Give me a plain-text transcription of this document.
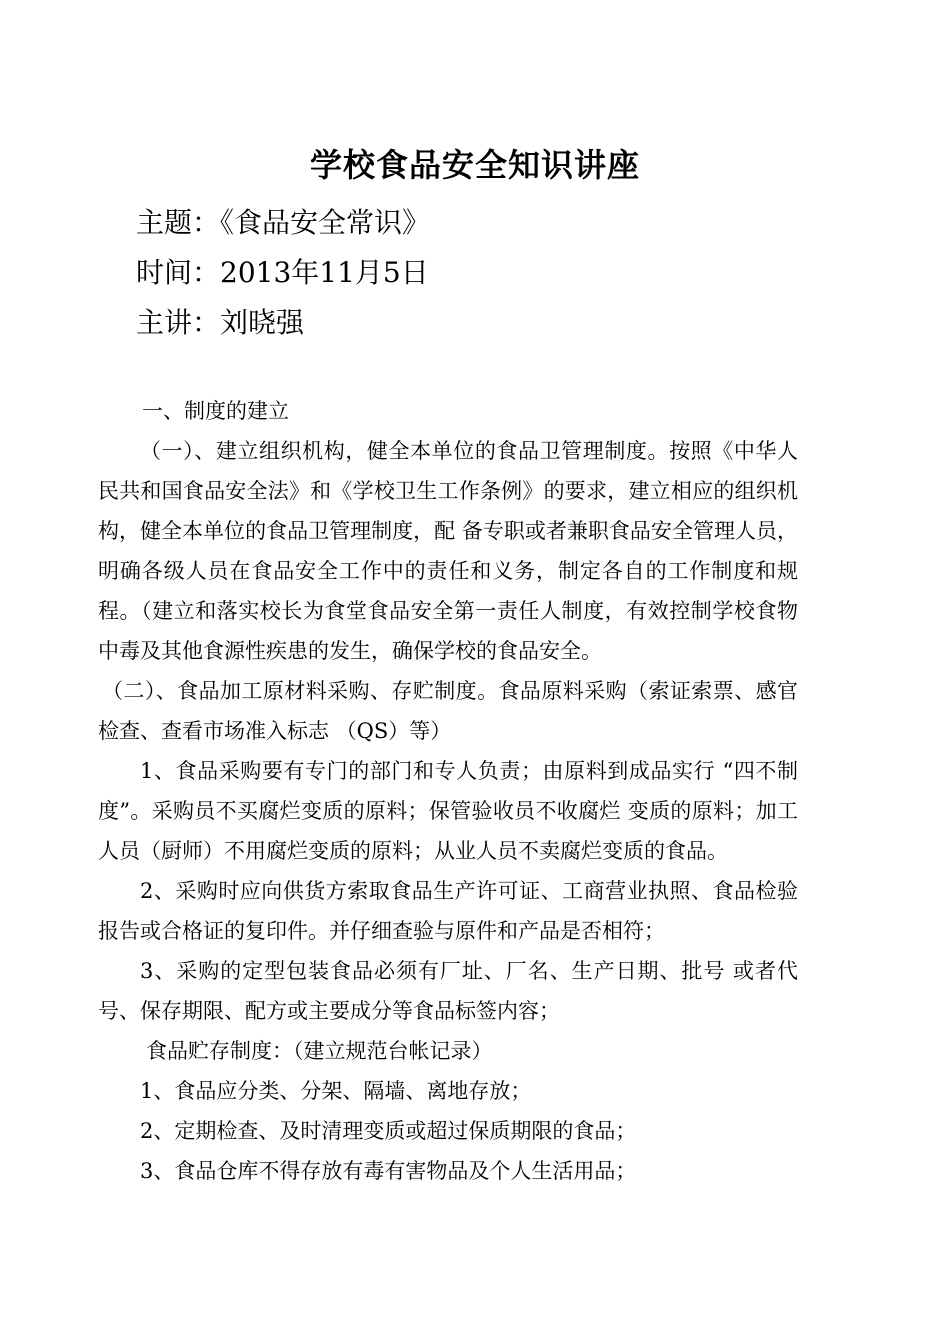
学校食品安全知识讲座
主题：《食品安全常识》
时间：2013年11月5日
主讲：刘晓强

一、制度的建立

（一）、建立组织机构，健全本单位的食品卫管理制度。按照《中华人民共和国食品安全法》和《学校卫生工作条例》的要求，建立相应的组织机构，健全本单位的食品卫管理制度，配 备专职或者兼职食品安全管理人员，明确各级人员在食品安全工作中的责任和义务，制定各自的工作制度和规程。（建立和落实校长为食堂食品安全第一责任人制度，有效控制学校食物中毒及其他食源性疾患的发生，确保学校的食品安全。

（二）、食品加工原材料采购、存贮制度。食品原料采购（索证索票、感官检查、查看市场准入标志 （QS）等）

1、食品采购要有专门的部门和专人负责；由原料到成品实行 “四不制度”。采购员不买腐烂变质的原料；保管验收员不收腐烂 变质的原料；加工人员（厨师）不用腐烂变质的原料；从业人员不卖腐烂变质的食品。

2、采购时应向供货方索取食品生产许可证、工商营业执照、食品检验报告或合格证的复印件。并仔细查验与原件和产品是否相符；

3、采购的定型包装食品必须有厂址、厂名、生产日期、批号 或者代号、保存期限、配方或主要成分等食品标签内容；

食品贮存制度：（建立规范台帐记录）

1、食品应分类、分架、隔墙、离地存放；

2、定期检查、及时清理变质或超过保质期限的食品；

3、食品仓库不得存放有毒有害物品及个人生活用品；
